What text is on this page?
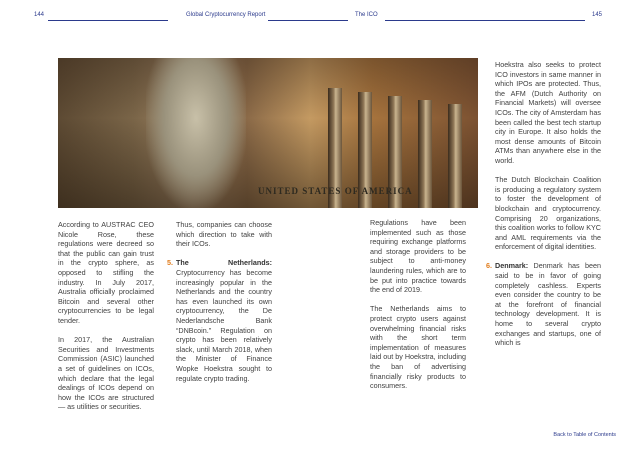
144	Global Cryptocurrency Report	The ICO	145
UNITED STATES OF AMERICA

According to AUSTRAC CEO Nicole Rose, these regulations were decreed so that the public can gain trust in the crypto sphere, as opposed to stifling the industry. In July 2017, Australia officially proclaimed Bitcoin and several other cryptocurrencies to be legal tender.

In 2017, the Australian Securities and Investments Commission (ASIC) launched a set of guidelines on ICOs, which declare that the legal dealings of ICOs depend on how the ICOs are structured — as utilities or securities.

Thus, companies can choose which direction to take with their ICOs.

5. The Netherlands: Cryptocurrency has become increasingly popular in the Netherlands and the country has even launched its own cryptocurrency, the De Nederlandsche Bank “DNBcoin.” Regulation on crypto has been relatively slack, until March 2018, when the Minister of Finance Wopke Hoekstra sought to regulate crypto trading.

Regulations have been implemented such as those requiring exchange platforms and storage providers to be subject to anti-money laundering rules, which are to be put into practice towards the end of 2019.

The Netherlands aims to protect crypto users against overwhelming financial risks with the short term implementation of measures laid out by Hoekstra, including the ban of advertising financially risky products to consumers.

Hoekstra also seeks to protect ICO investors in same manner in which IPOs are protected. Thus, the AFM (Dutch Authority on Financial Markets) will oversee ICOs. The city of Amsterdam has been called the best tech startup city in Europe. It also holds the most dense amounts of Bitcoin ATMs than anywhere else in the world.

The Dutch Blockchain Coalition is producing a regulatory system to foster the development of blockchain and cryptocurrency. Comprising 20 organizations, this coalition works to follow KYC and AML requirements via the enforcement of digital identities.

6. Denmark: Denmark has been said to be in favor of going completely cashless. Experts even consider the country to be at the forefront of financial technology development. It is home to several crypto exchanges and startups, one of which is
Back to Table of Contents
